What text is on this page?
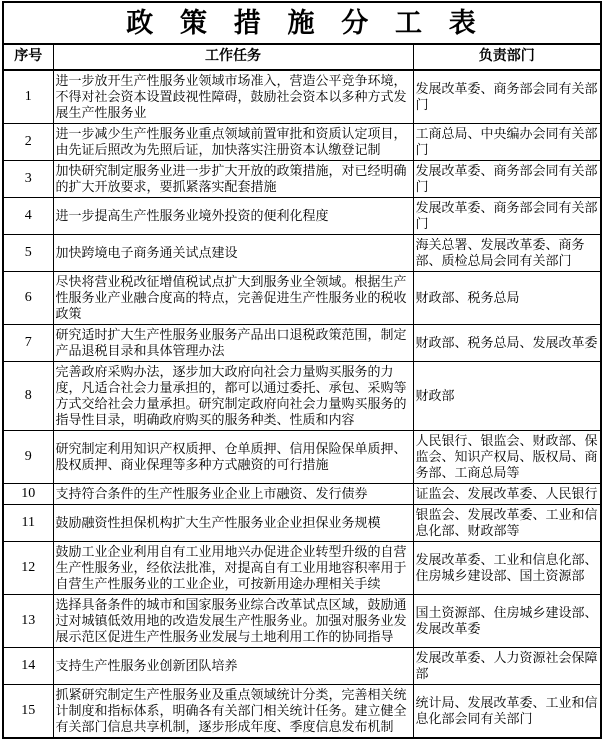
政 策 措 施 分 工 表		
序号	工作任务	负责部门
1	进一步放开生产性服务业领域市场准入，营造公平竞争环境，不得对社会资本设置歧视性障碍，鼓励社会资本以多种方式发展生产性服务业	发展改革委、商务部会同有关部门
2	进一步减少生产性服务业重点领域前置审批和资质认定项目，由先证后照改为先照后证，加快落实注册资本认缴登记制	工商总局、中央编办会同有关部门
3	加快研究制定服务业进一步扩大开放的政策措施，对已经明确的扩大开放要求，要抓紧落实配套措施	发展改革委、商务部会同有关部门
4	进一步提高生产性服务业境外投资的便利化程度	发展改革委、商务部会同有关部门
5	加快跨境电子商务通关试点建设	海关总署、发展改革委、商务部、质检总局会同有关部门
6	尽快将营业税改征增值税试点扩大到服务业全领域。根据生产性服务业产业融合度高的特点，完善促进生产性服务业的税收政策	财政部、税务总局
7	研究适时扩大生产性服务业服务产品出口退税政策范围，制定产品退税目录和具体管理办法	财政部、税务总局、发展改革委
8	完善政府采购办法，逐步加大政府向社会力量购买服务的力度，凡适合社会力量承担的，都可以通过委托、承包、采购等方式交给社会力量承担。研究制定政府向社会力量购买服务的指导性目录，明确政府购买的服务种类、性质和内容	财政部
9	研究制定利用知识产权质押、仓单质押、信用保险保单质押、股权质押、商业保理等多种方式融资的可行措施	人民银行、银监会、财政部、保监会、知识产权局、版权局、商务部、工商总局等
10	支持符合条件的生产性服务业企业上市融资、发行债券	证监会、发展改革委、人民银行
11	鼓励融资性担保机构扩大生产性服务业企业担保业务规模	银监会、发展改革委、工业和信息化部、财政部等
12	鼓励工业企业利用自有工业用地兴办促进企业转型升级的自营生产性服务业，经依法批准，对提高自有工业用地容积率用于自营生产性服务业的工业企业，可按新用途办理相关手续	发展改革委、工业和信息化部、住房城乡建设部、国土资源部
13	选择具备条件的城市和国家服务业综合改革试点区域，鼓励通过对城镇低效用地的改造发展生产性服务业。加强对服务业发展示范区促进生产性服务业发展与土地利用工作的协同指导	国土资源部、住房城乡建设部、发展改革委
14	支持生产性服务业创新团队培养	发展改革委、人力资源社会保障部
15	抓紧研究制定生产性服务业及重点领域统计分类，完善相关统计制度和指标体系，明确各有关部门相关统计任务。建立健全有关部门信息共享机制，逐步形成年度、季度信息发布机制	统计局、发展改革委、工业和信息化部会同有关部门
